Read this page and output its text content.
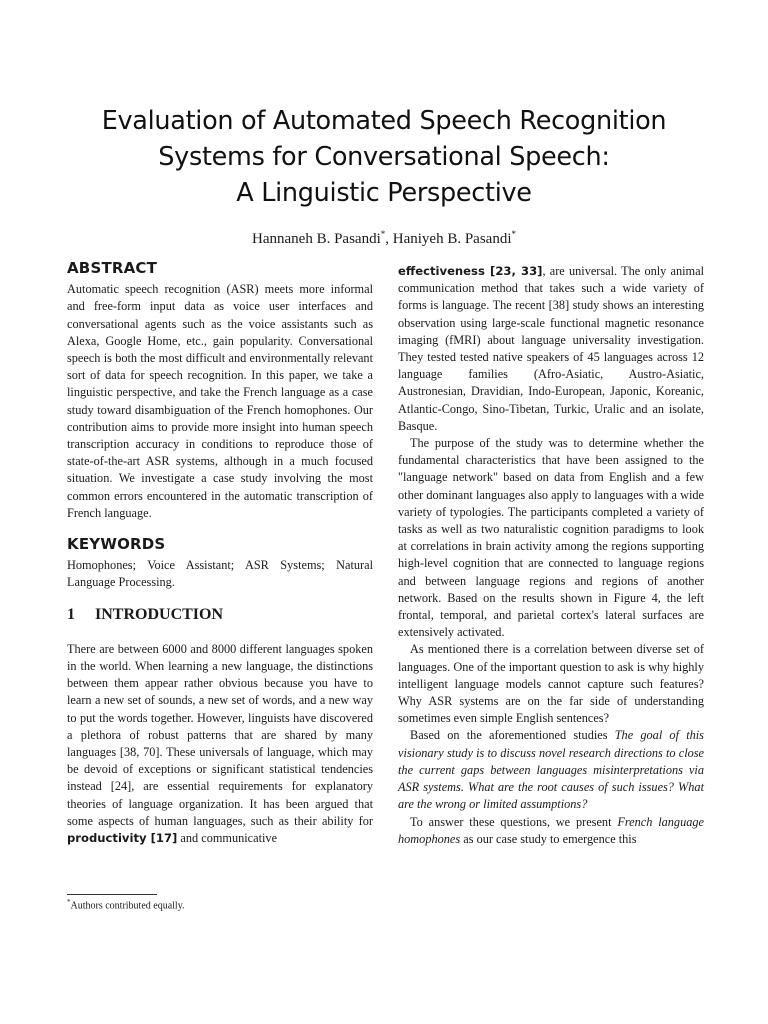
Evaluation of Automated Speech Recognition
Systems for Conversational Speech:
A Linguistic Perspective
Hannaneh B. Pasandi*, Haniyeh B. Pasandi*
ABSTRACT

Automatic speech recognition (ASR) meets more informal and free-form input data as voice user interfaces and conversational agents such as the voice assistants such as Alexa, Google Home, etc., gain popularity. Conversational speech is both the most difficult and environmentally relevant sort of data for speech recognition. In this paper, we take a linguistic perspective, and take the French language as a case study toward disambiguation of the French homophones. Our contribution aims to provide more insight into human speech transcription accuracy in conditions to reproduce those of state-of-the-art ASR systems, although in a much focused situation. We investigate a case study involving the most common errors encountered in the automatic transcription of French language.

KEYWORDS

Homophones; Voice Assistant; ASR Systems; Natural Language Processing.

1 INTRODUCTION

There are between 6000 and 8000 different languages spoken in the world. When learning a new language, the distinctions between them appear rather obvious because you have to learn a new set of sounds, a new set of words, and a new way to put the words together. However, linguists have discovered a plethora of robust patterns that are shared by many languages [38, 70]. These universals of language, which may be devoid of exceptions or significant statistical tendencies instead [24], are essential requirements for explanatory theories of language organization. It has been argued that some aspects of human languages, such as their ability for productivity [17] and communicative

effectiveness [23, 33], are universal. The only animal communication method that takes such a wide variety of forms is language. The recent [38] study shows an interesting observation using large-scale functional magnetic resonance imaging (fMRI) about language universality investigation. They tested tested native speakers of 45 languages across 12 language families (Afro-Asiatic, Austro-Asiatic, Austronesian, Dravidian, Indo-European, Japonic, Koreanic, Atlantic-Congo, Sino-Tibetan, Turkic, Uralic and an isolate, Basque.

The purpose of the study was to determine whether the fundamental characteristics that have been assigned to the "language network" based on data from English and a few other dominant languages also apply to languages with a wide variety of typologies. The participants completed a variety of tasks as well as two naturalistic cognition paradigms to look at correlations in brain activity among the regions supporting high-level cognition that are connected to language regions and between language regions and regions of another network. Based on the results shown in Figure 4, the left frontal, temporal, and parietal cortex's lateral surfaces are extensively activated.

As mentioned there is a correlation between diverse set of languages. One of the important question to ask is why highly intelligent language models cannot capture such features? Why ASR systems are on the far side of understanding sometimes even simple English sentences?

Based on the aforementioned studies The goal of this visionary study is to discuss novel research directions to close the current gaps between languages misinterpretations via ASR systems. What are the root causes of such issues? What are the wrong or limited assumptions?

To answer these questions, we present French language homophones as our case study to emergence this

*Authors contributed equally.
